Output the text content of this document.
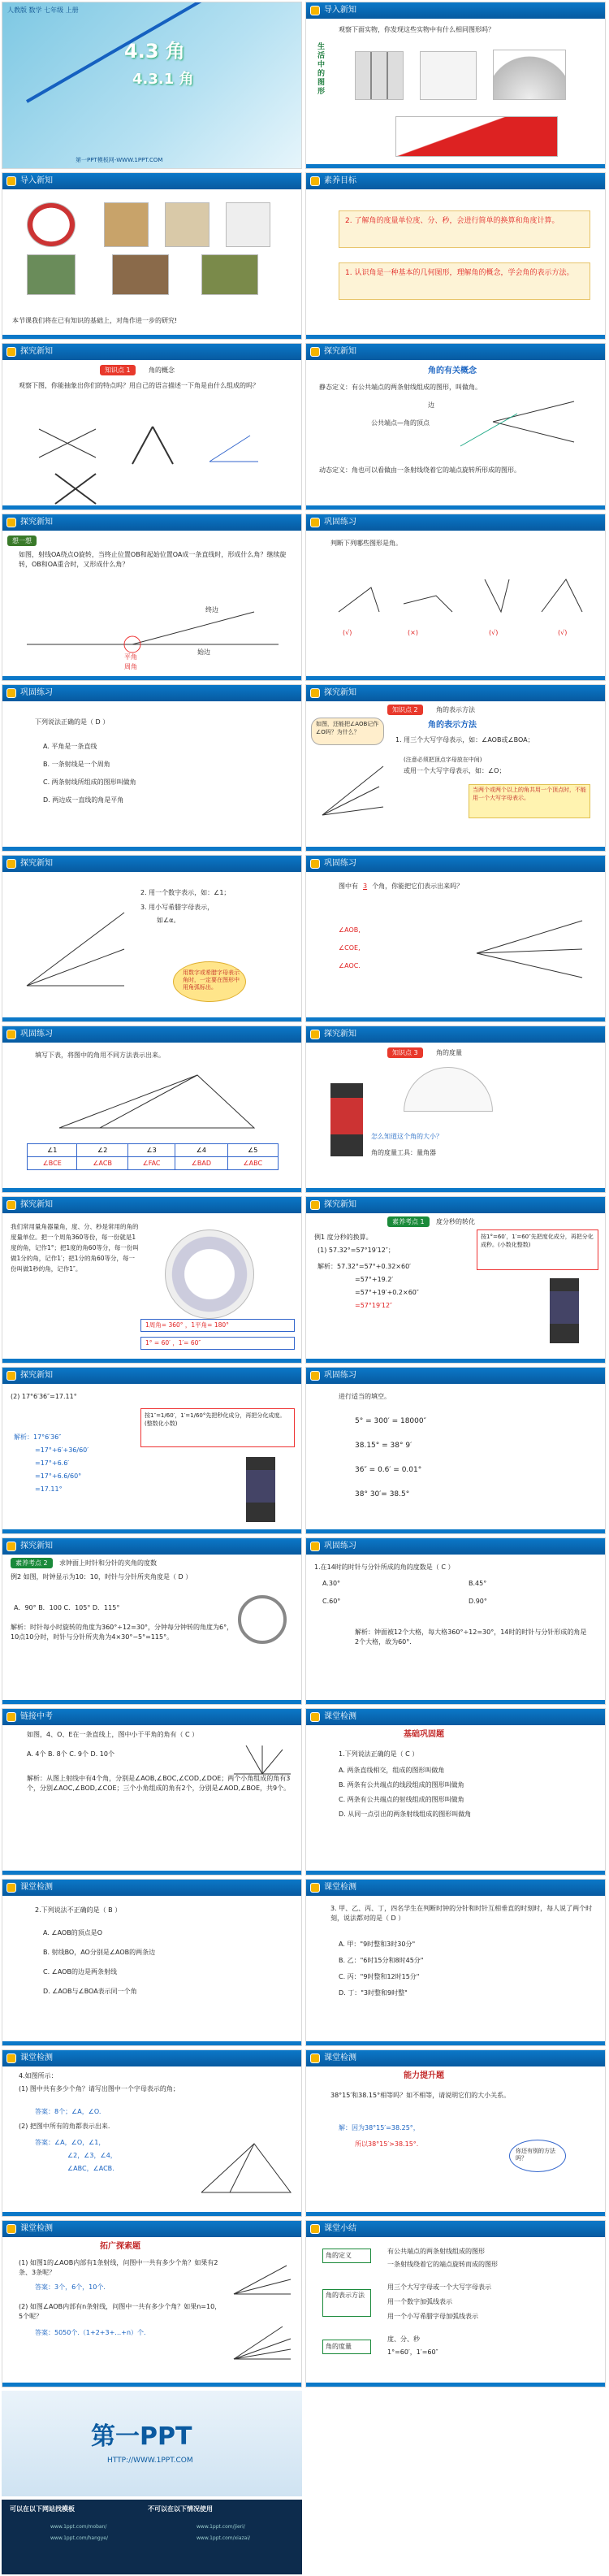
人教版 数学 七年级 上册
4.3 角
4.3.1 角
第一PPT模板网-WWW.1PPT.COM
导入新知
观察下面实物，你发现这些实物中有什么相同图形吗？
生活中的图形
导入新知
本节课我们将在已有知识的基础上，对角作进一步的研究!
素养目标
2. 了解角的度量单位度、分、秒，会进行简单的换算和角度计算。
1. 认识角是一种基本的几何图形，理解角的概念，学会角的表示方法。
探究新知
知识点 1	角的概念
观察下图，你能抽象出你们的特点吗？用自己的语言描述一下角是由什么组成的吗？
探究新知
角的有关概念
静态定义：有公共端点的两条射线组成的图形，叫做角。
边
公共端点—角的顶点
动态定义：角也可以看做由一条射线绕着它的端点旋转所形成的图形。
探究新知
想一想
如图，射线OA绕点O旋转，当终止位置OB和起始位置OA成一条直线时，形成什么角？继续旋转，OB和OA重合时，又形成什么角？
终边
始边
平角
周角
巩固练习
判断下列哪些图形是角。
(√)	(×)	(√)	(√)
巩固练习
下列说法正确的是（ D ）
A. 平角是一条直线
B. 一条射线是一个周角
C. 两条射线所组成的图形叫做角
D. 两边成一直线的角是平角
探究新知
知识点 2	角的表示方法
如图，还能把∠AOB记作∠O吗？为什么？
角的表示方法
1. 用三个大写字母表示，如：∠AOB或∠BOA；
(注意必须把顶点字母放在中间)
或用一个大写字母表示，如：∠O；
当两个或两个以上的角共用一个顶点时，不能用一个大写字母表示。
探究新知
2. 用一个数字表示，如：∠1；
3. 用小写希腊字母表示，
如∠α。
用数字或希腊字母表示角时，一定要在图形中用角弧标出。
巩固练习
图中有 3 个角，你能把它们表示出来吗？
∠AOB,
∠COE,
∠AOC.
巩固练习
填写下表，将图中的角用不同方法表示出来。
∠1	∠2	∠3	∠4	∠5
∠BCE	∠ACB	∠FAC	∠BAD	∠ABC
探究新知
知识点 3	角的度量
怎么知道这个角的大小？
角的度量工具：量角器
探究新知
我们常用量角器量角，度、分、秒是常用的角的度量单位。把一个周角360等份，每一份就是1度的角，记作1°；把1度的角60等分，每一份叫做1分的角，记作1′；把1分的角60等分，每一份叫做1秒的角，记作1″。
1周角= 360° ，1平角= 180°
1° = 60′ ，1′= 60″
探究新知
素养考点 1	度分秒的转化
例1 度分秒的换算。
(1) 57.32°=57°19′12″；
按1°=60′，1′=60″先把度化成分，再把分化成秒。(小数化整数)
解析：57.32°=57°+0.32×60′
=57°+19.2′
=57°+19′+0.2×60″
=57°19′12″
探究新知
(2) 17°6′36″=17.11°
按1″=1/60′，1′=1/60°先把秒化成分，再把分化成度。(整数化小数)
解析：17°6′36″
=17°+6′+36/60′
=17°+6.6′
=17°+6.6/60°
=17.11°
巩固练习
进行适当的填空。
5° = 300′ = 18000″
38.15° = 38° 9′
36″ = 0.6′ = 0.01°
38° 30′= 38.5°
探究新知
素养考点 2	求钟面上时针和分针的夹角的度数
例2 如图，时钟显示为10：10，时针与分针所夹角度是（ D ）
A．90° B．100 C．105° D．115°
解析：时针每小时旋转的角度为360°÷12=30°，分钟每分钟转的角度为6°，10点10分时，时针与分针所夹角为4×30°−5°=115°。
巩固练习
1.在14时的时针与分针所成的角的度数是（ C ）
A.30°	B.45°
C.60°	D.90°
解析：钟面被12个大格，每大格360°÷12=30°，14时的时针与分针形成的角是2个大格，故为60°.
链接中考
如图，4、O、E在一条直线上，图中小于平角的角有（ C ）
A. 4个 B. 8个 C. 9个 D. 10个
解析：从图上射线中有4个角，分别是∠AOB,∠BOC,∠COD,∠DOE；两个小角组成的角有3个，分别∠AOC,∠BOD,∠COE；三个小角组成的角有2个，分别是∠AOD,∠BOE，共9个。
课堂检测
基础巩固题
1.下列说法正确的是（ C ）
A. 两条直线相交，组成的图形叫做角
B. 两条有公共端点的线段组成的图形叫做角
C. 两条有公共端点的射线组成的图形叫做角
D. 从同一点引出的两条射线组成的图形叫做角
课堂检测
2.下列说法不正确的是（ B ）
A. ∠AOB的顶点是O
B. 射线BO，AO分别是∠AOB的两条边
C. ∠AOB的边是两条射线
D. ∠AOB与∠BOA表示同一个角
课堂检测
3. 甲、乙、丙、丁，四名学生在判断时钟的分针和时针互相垂直的时刻时，每人说了两个时刻，说法都对的是（ D ）
A. 甲："9时整和3时30分"
B. 乙："6时15分和8时45分"
C. 丙："9时整和12时15分"
D. 丁："3时整和9时整"
课堂检测
4.如图所示：
(1) 图中共有多少个角？请写出图中一个字母表示的角；
答案：8个；∠A，∠O.
(2) 把图中所有的角都表示出来.
答案：∠A，∠O，∠1，
∠2，∠3，∠4，
∠ABC，∠ACB.
课堂检测
能力提升题
38°15′和38.15°相等吗？如不相等，请说明它们的大小关系。
解：因为38°15′=38.25°，
所以38°15′>38.15°.
你还有别的方法吗？
课堂检测
拓广探索题
(1) 如图1的∠AOB内部有1条射线，问图中一共有多少个角？如果有2条、3条呢？
答案：3个，6个，10个.
(2) 如图∠AOB内部有n条射线，问图中一共有多少个角？如果n=10，5个呢？
答案：5050个.（1+2+3+…+n）个.
课堂小结
角的定义
有公共端点的两条射线组成的图形
一条射线绕着它的端点旋转而成的图形
角的表示方法
用三个大写字母或一个大写字母表示
用一个数字加弧线表示
用一个小写希腊字母加弧线表示
角的度量
度、分、秒
1°=60′，1′=60″
第一PPT
HTTP://WWW.1PPT.COM
可以在以下网站找模板	不可以在以下情况使用
www.1ppt.com/moban/
www.1ppt.com/hangye/
www.1ppt.com/jieri/
www.1ppt.com/xiazai/
